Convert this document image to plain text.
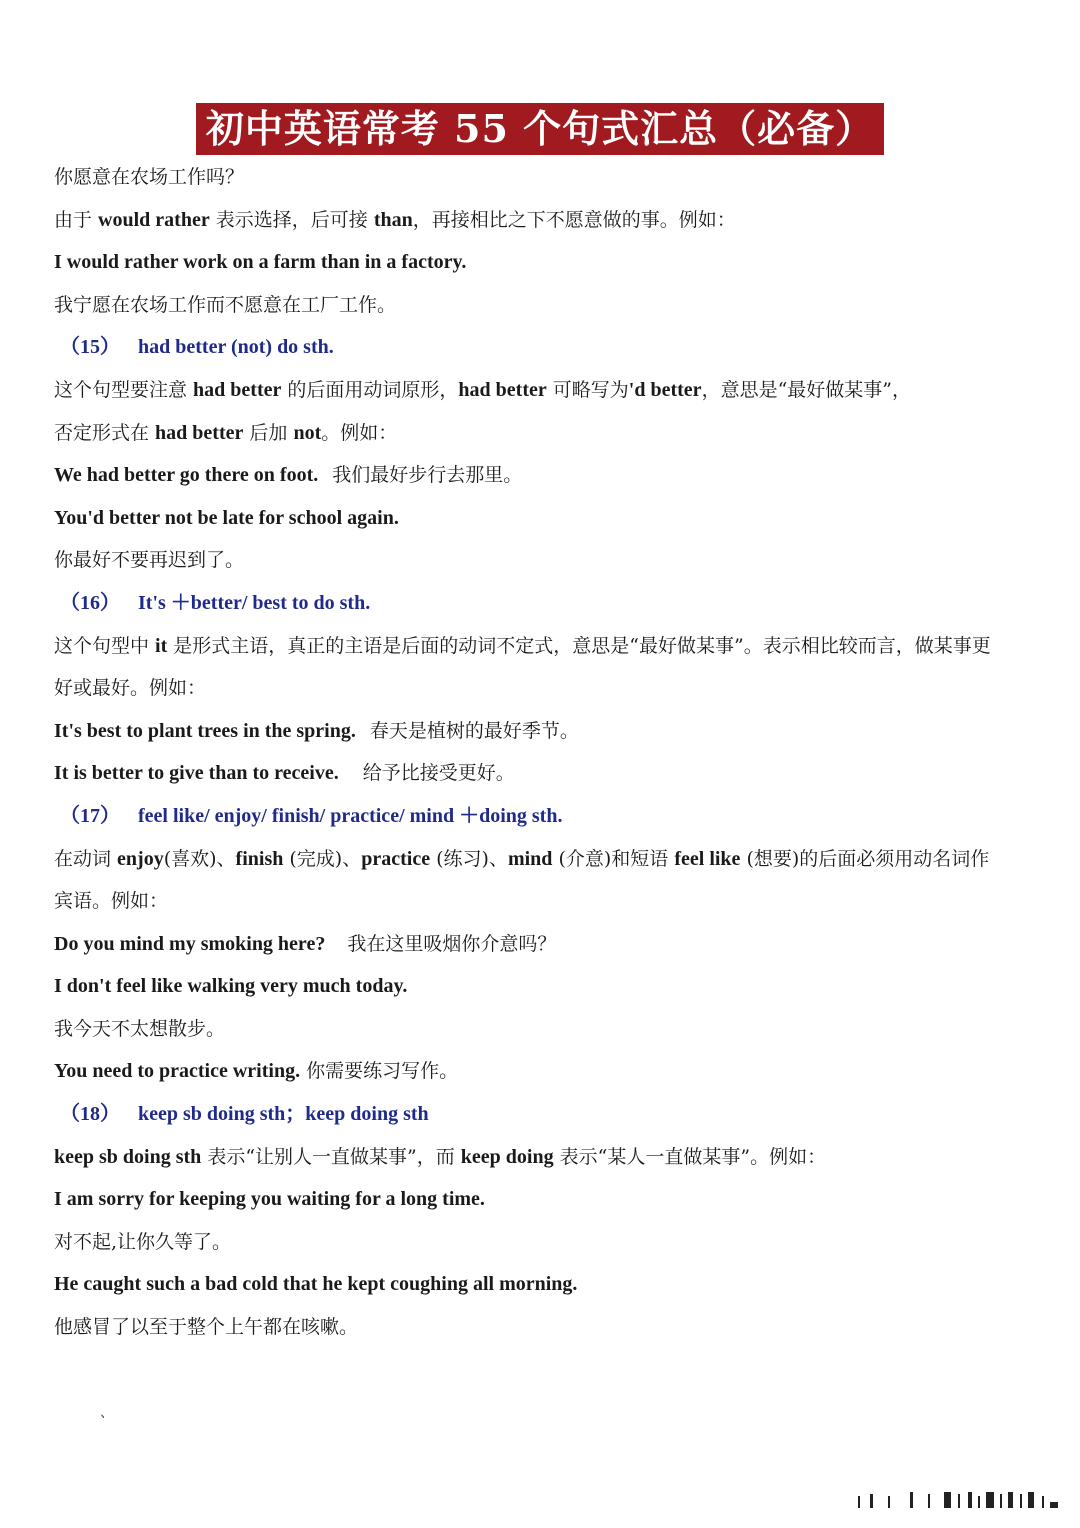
初中英语常考 55 个句式汇总（必备）
你愿意在农场工作吗？
由于 would rather 表示选择，后可接 than，再接相比之下不愿意做的事。例如：
I would rather work on a farm than in a factory.
我宁愿在农场工作而不愿意在工厂工作。
（15） had better (not) do sth.
这个句型要注意 had better 的后面用动词原形，had better 可略写为'd better，意思是“最好做某事”，
否定形式在 had better 后加 not。例如：
We had better go there on foot. 我们最好步行去那里。
You'd better not be late for school again.
你最好不要再迟到了。
（16） It's ＋better/ best to do sth.
这个句型中 it 是形式主语，真正的主语是后面的动词不定式，意思是“最好做某事”。表示相比较而言，做某事更好或最好。例如：
It's best to plant trees in the spring. 春天是植树的最好季节。
It is better to give than to receive. 给予比接受更好。
（17） feel like/ enjoy/ finish/ practice/ mind ＋doing sth.
在动词 enjoy(喜欢)、finish (完成)、practice (练习)、mind (介意)和短语 feel like (想要)的后面必须用动名词作宾语。例如：
Do you mind my smoking here? 我在这里吸烟你介意吗？
I don't feel like walking very much today.
我今天不太想散步。
You need to practice writing. 你需要练习写作。
（18） keep sb doing sth；keep doing sth
keep sb doing sth 表示“让别人一直做某事”，而 keep doing 表示“某人一直做某事”。例如：
I am sorry for keeping you waiting for a long time.
对不起,让你久等了。
He caught such a bad cold that he kept coughing all morning.
他感冒了以至于整个上午都在咳嗽。
、
